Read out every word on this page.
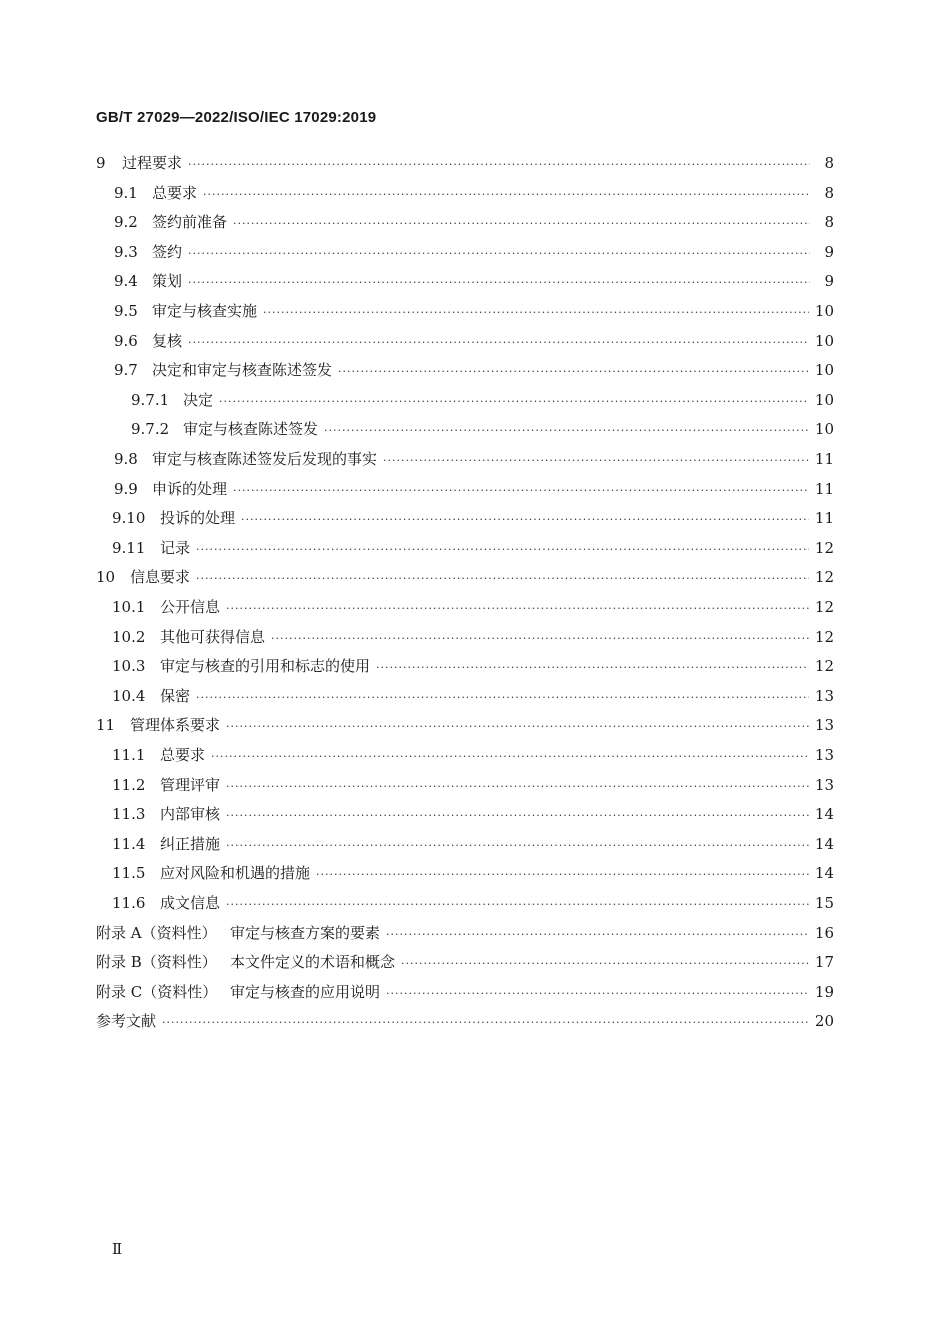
GB/T 27029—2022/ISO/IEC 17029:2019
9	过程要求 ·····	8
9.1 总要求 ·····	8
9.2 签约前准备 ·····	8
9.3 签约 ·····	9
9.4 策划 ·····	9
9.5 审定与核查实施 ·····	10
9.6 复核 ·····	10
9.7 决定和审定与核查陈述签发 ·····	10
9.7.1 决定 ·····	10
9.7.2 审定与核查陈述签发 ·····	10
9.8 审定与核查陈述签发后发现的事实 ·····	11
9.9 申诉的处理 ·····	11
9.10 投诉的处理 ·····	11
9.11 记录 ·····	12
10 信息要求 ·····	12
10.1 公开信息 ·····	12
10.2 其他可获得信息 ·····	12
10.3 审定与核查的引用和标志的使用 ·····	12
10.4 保密 ·····	13
11 管理体系要求 ·····	13
11.1 总要求 ·····	13
11.2 管理评审 ·····	13
11.3 内部审核 ·····	14
11.4 纠正措施 ·····	14
11.5 应对风险和机遇的措施 ·····	14
11.6 成文信息 ·····	15
附录 A（资料性） 审定与核查方案的要素 ·····	16
附录 B（资料性） 本文件定义的术语和概念 ·····	17
附录 C（资料性） 审定与核查的应用说明 ·····	19
参考文献 ·····	20
Ⅱ
